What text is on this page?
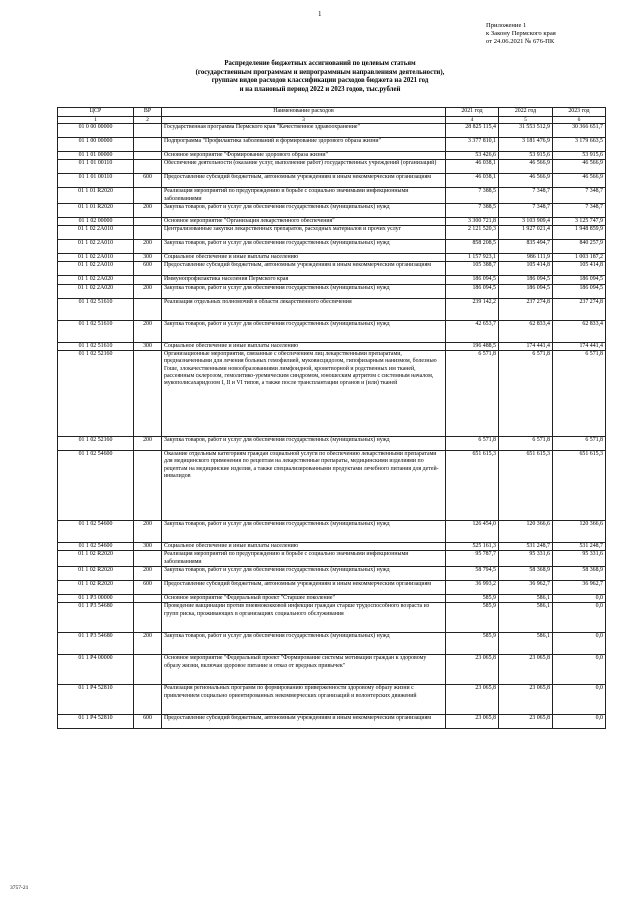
1
Приложение 1
к Закону Пермского края
от 24.06.2021 № 676-ПК
Распределение бюджетных ассигнований по целевым статьям
(государственным программам и непрограммным направлениям деятельности),
группам видов расходов классификации расходов бюджета на 2021 год
и на плановый период 2022 и 2023 годов, тыс.рублей
ЦСР	ВР	Наименование расходов	2021 год	2022 год	2023 год
1	2	3	4	5	6
01 0 00 00000		Государственная программа Пермского края "Качественное здравоохранение"	28 825 115,4	31 553 512,9	30 366 651,7
01 1 00 00000		Подпрограмма "Профилактика заболеваний и формирование здорового образа жизни"	3 377 810,1	3 181 476,9	3 179 663,5
01 1 01 00000		Основное мероприятие "Формирование здорового образа жизни"	53 426,6	53 915,6	53 915,6
01 1 01 00110		Обеспечение деятельности (оказание услуг, выполнение работ) государственных учреждений (организаций)	46 038,1	46 566,9	46 566,9
01 1 01 00110	600	Предоставление субсидий бюджетным, автономным учреждениям и иным некоммерческим организациям	46 038,1	46 566,9	46 566,9
01 1 01 R2020		Реализация мероприятий по предупреждению и борьбе с социально значимыми инфекционными заболеваниями	7 388,5	7 348,7	7 348,7
01 1 01 R2020	200	Закупка товаров, работ и услуг для обеспечения государственных (муниципальных) нужд	7 388,5	7 348,7	7 348,7
01 1 02 00000		Основное мероприятие "Организация лекарственного обеспечения"	3 300 721,8	3 103 909,4	3 125 747,9
01 1 02 2A010		Централизованные закупки лекарственных препаратов, расходных материалов и прочих услуг	2 121 520,3	1 927 021,4	1 948 859,9
01 1 02 2A010	200	Закупка товаров, работ и услуг для обеспечения государственных (муниципальных) нужд	858 208,5	835 494,7	840 257,9
01 1 02 2A010	300	Социальное обеспечение и иные выплаты населению	1 157 923,1	986 111,9	1 003 187,2
01 1 02 2A010	600	Предоставление субсидий бюджетным, автономным учреждениям и иным некоммерческим организациям	105 388,7	105 414,8	105 414,8
01 1 02 2A020		Иммунопрофилактика населения Пермского края	186 094,5	186 094,5	186 094,5
01 1 02 2A020	200	Закупка товаров, работ и услуг для обеспечения государственных (муниципальных) нужд	186 094,5	186 094,5	186 094,5
01 1 02 51610		Реализация отдельных полномочий в области лекарственного обеспечения	239 142,2	237 274,8	237 274,8
01 1 02 51610	200	Закупка товаров, работ и услуг для обеспечения государственных (муниципальных) нужд	42 653,7	62 833,4	62 833,4
01 1 02 51610	300	Социальное обеспечение и иные выплаты населению	196 488,5	174 441,4	174 441,4
01 1 02 52160		Организационные мероприятия, связанные с обеспечением лиц лекарственными препаратами, предназначенными для лечения больных гемофилией, муковисцидозом, гипофизарным нанизмом, болезнью Гоше, злокачественными новообразованиями лимфоидной, кроветворной и родственных им тканей, рассеянным склерозом, гемолитико-уремическим синдромом, юношеским артритом с системным началом, мукополисахаридозом I, II и VI типов, а также после трансплантации органов и (или) тканей	6 571,8	6 571,8	6 571,8
01 1 02 52160	200	Закупка товаров, работ и услуг для обеспечения государственных (муниципальных) нужд	6 571,8	6 571,8	6 571,8
01 1 02 54600		Оказание отдельным категориям граждан социальной услуги по обеспечению лекарственными препаратами для медицинского применения по рецептам на лекарственные препараты, медицинскими изделиями по рецептам на медицинские изделия, а также специализированными продуктами лечебного питания для детей-инвалидов	651 615,3	651 615,3	651 615,3
01 1 02 54600	200	Закупка товаров, работ и услуг для обеспечения государственных (муниципальных) нужд	126 454,0	120 366,6	120 366,6
01 1 02 54600	300	Социальное обеспечение и иные выплаты населению	525 161,3	531 248,7	531 248,7
01 1 02 R2020		Реализация мероприятий по предупреждению и борьбе с социально значимыми инфекционными заболеваниями	95 787,7	95 331,6	95 331,6
01 1 02 R2020	200	Закупка товаров, работ и услуг для обеспечения государственных (муниципальных) нужд	58 794,5	58 368,9	58 368,9
01 1 02 R2020	600	Предоставление субсидий бюджетным, автономным учреждениям и иным некоммерческим организациям	36 993,2	36 962,7	36 962,7
01 1 P3 00000		Основное мероприятие "Федеральный проект "Старшее поколение"	585,9	586,1	0,0
01 1 P3 54680		Проведение вакцинации против пневмококковой инфекции граждан старше трудоспособного возраста из групп риска, проживающих в организациях социального обслуживания	585,9	586,1	0,0
01 1 P3 54680	200	Закупка товаров, работ и услуг для обеспечения государственных (муниципальных) нужд	585,9	586,1	0,0
01 1 P4 00000		Основное мероприятие "Федеральный проект "Формирование системы мотивации граждан к здоровому образу жизни, включая здоровое питание и отказ от вредных привычек"	23 065,8	23 065,8	0,0
01 1 P4 52810		Реализация региональных программ по формированию приверженности здоровому образу жизни с привлечением социально ориентированных некоммерческих организаций и волонтерских движений	23 065,8	23 065,8	0,0
01 1 P4 52810	600	Предоставление субсидий бюджетным, автономным учреждениям и иным некоммерческим организациям	23 065,8	23 065,8	0,0
3757-21
